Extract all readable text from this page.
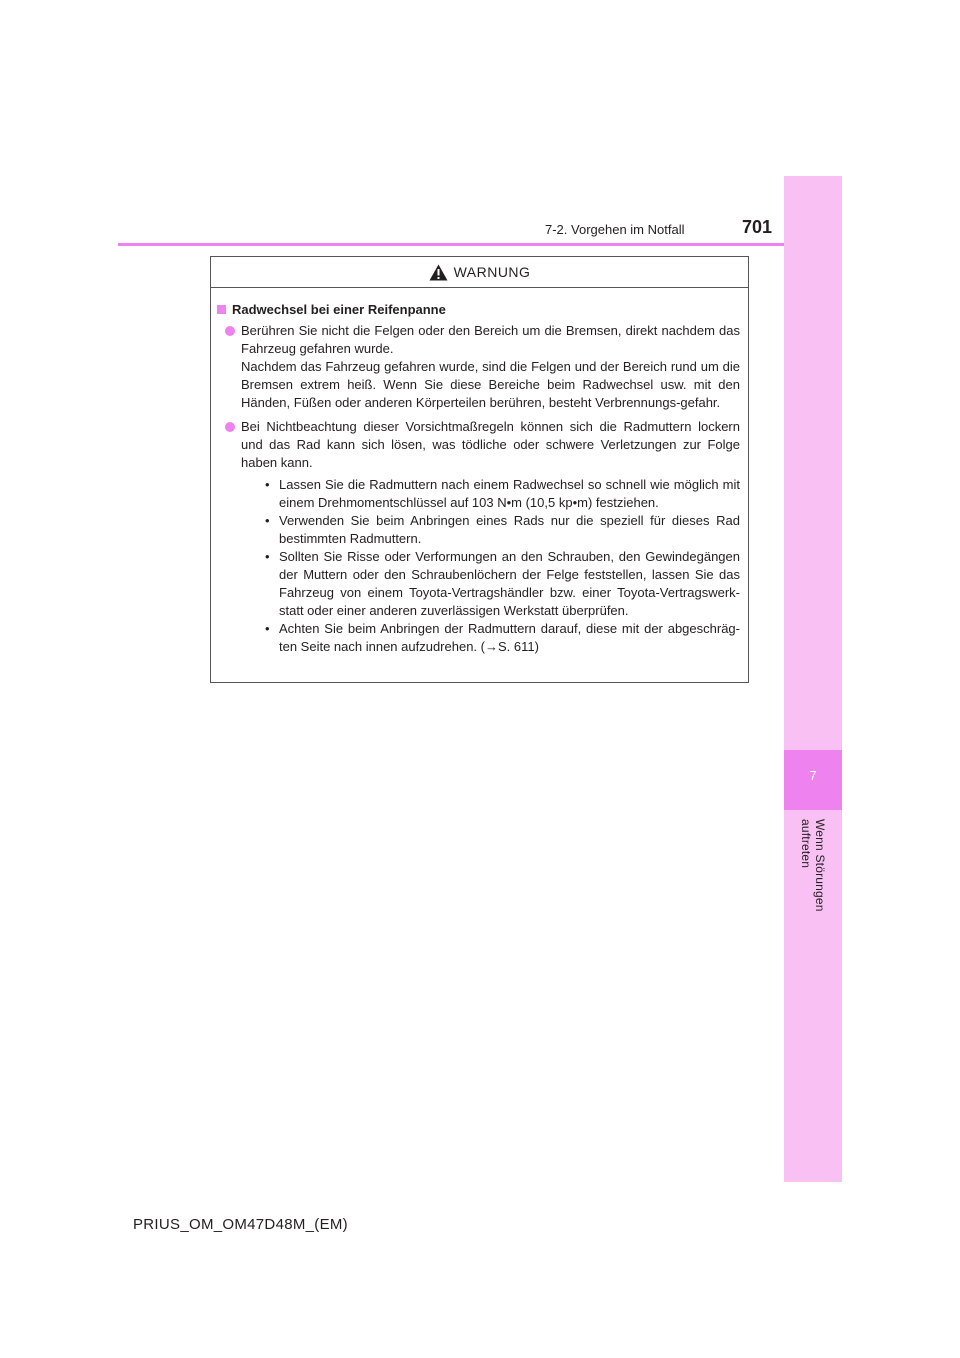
7
Wenn Störungen auftreten
7-2. Vorgehen im Notfall	701
WARNUNG
Radwechsel bei einer Reifenpanne

Berühren Sie nicht die Felgen oder den Bereich um die Bremsen, direkt nachdem das Fahrzeug gefahren wurde.

Nachdem das Fahrzeug gefahren wurde, sind die Felgen und der Bereich rund um die Bremsen extrem heiß. Wenn Sie diese Bereiche beim Radwechsel usw. mit den Händen, Füßen oder anderen Körperteilen berühren, besteht Verbrennungs-gefahr.

Bei Nichtbeachtung dieser Vorsichtmaßregeln können sich die Radmuttern lockern und das Rad kann sich lösen, was tödliche oder schwere Verletzungen zur Folge haben kann.

• Lassen Sie die Radmuttern nach einem Radwechsel so schnell wie möglich mit einem Drehmomentschlüssel auf 103 N•m (10,5 kp•m) festziehen.
• Verwenden Sie beim Anbringen eines Rads nur die speziell für dieses Rad bestimmten Radmuttern.
• Sollten Sie Risse oder Verformungen an den Schrauben, den Gewindegängen der Muttern oder den Schraubenlöchern der Felge feststellen, lassen Sie das Fahrzeug von einem Toyota-Vertragshändler bzw. einer Toyota-Vertragswerk-statt oder einer anderen zuverlässigen Werkstatt überprüfen.
• Achten Sie beim Anbringen der Radmuttern darauf, diese mit der abgeschräg-ten Seite nach innen aufzudrehen. (→S. 611)
PRIUS_OM_OM47D48M_(EM)
